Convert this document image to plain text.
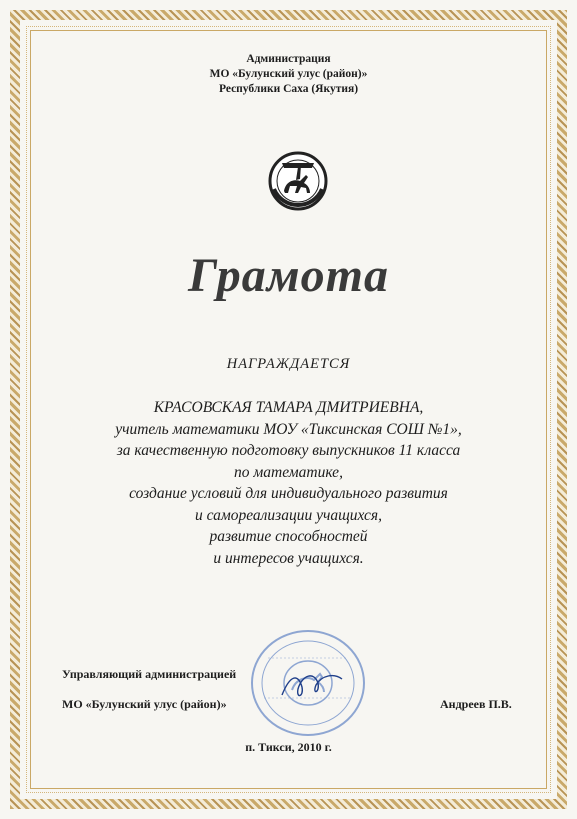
Администрация
МО «Булунский улус (район)»
Республики Саха (Якутия)
Грамота
НАГРАЖДАЕТСЯ
КРАСОВСКАЯ ТАМАРА ДМИТРИЕВНА,
учитель математики МОУ «Тиксинская СОШ №1»,
за качественную подготовку выпускников 11 класса
по математике,
создание условий для индивидуального развития
и самореализации учащихся,
развитие способностей
и интересов учащихся.
Управляющий администрацией
МО «Булунский улус (район)»	Андреев П.В.
п. Тикси, 2010 г.
